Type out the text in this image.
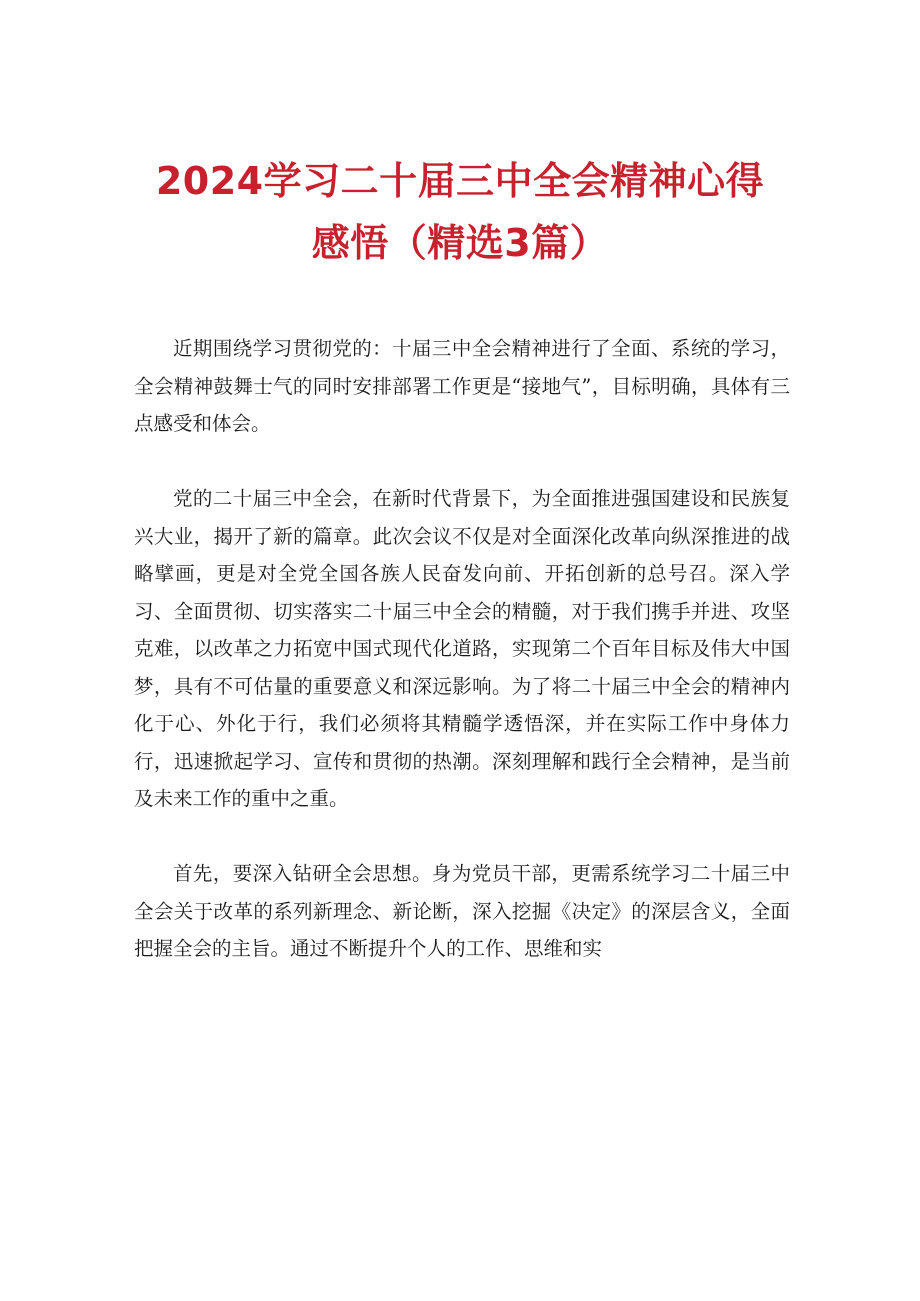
2024学习二十届三中全会精神心得
感悟（精选3篇）

近期围绕学习贯彻党的：十届三中全会精神进行了全面、系统的学习，全会精神鼓舞士气的同时安排部署工作更是“接地气”，目标明确，具体有三点感受和体会。

党的二十届三中全会，在新时代背景下，为全面推进强国建设和民族复兴大业，揭开了新的篇章。此次会议不仅是对全面深化改革向纵深推进的战略擘画，更是对全党全国各族人民奋发向前、开拓创新的总号召。深入学习、全面贯彻、切实落实二十届三中全会的精髓，对于我们携手并进、攻坚克难，以改革之力拓宽中国式现代化道路，实现第二个百年目标及伟大中国梦，具有不可估量的重要意义和深远影响。为了将二十届三中全会的精神内化于心、外化于行，我们必须将其精髓学透悟深，并在实际工作中身体力行，迅速掀起学习、宣传和贯彻的热潮。深刻理解和践行全会精神，是当前及未来工作的重中之重。

首先，要深入钻研全会思想。身为党员干部，更需系统学习二十届三中全会关于改革的系列新理念、新论断，深入挖掘《决定》的深层含义，全面把握全会的主旨。通过不断提升个人的工作、思维和实
